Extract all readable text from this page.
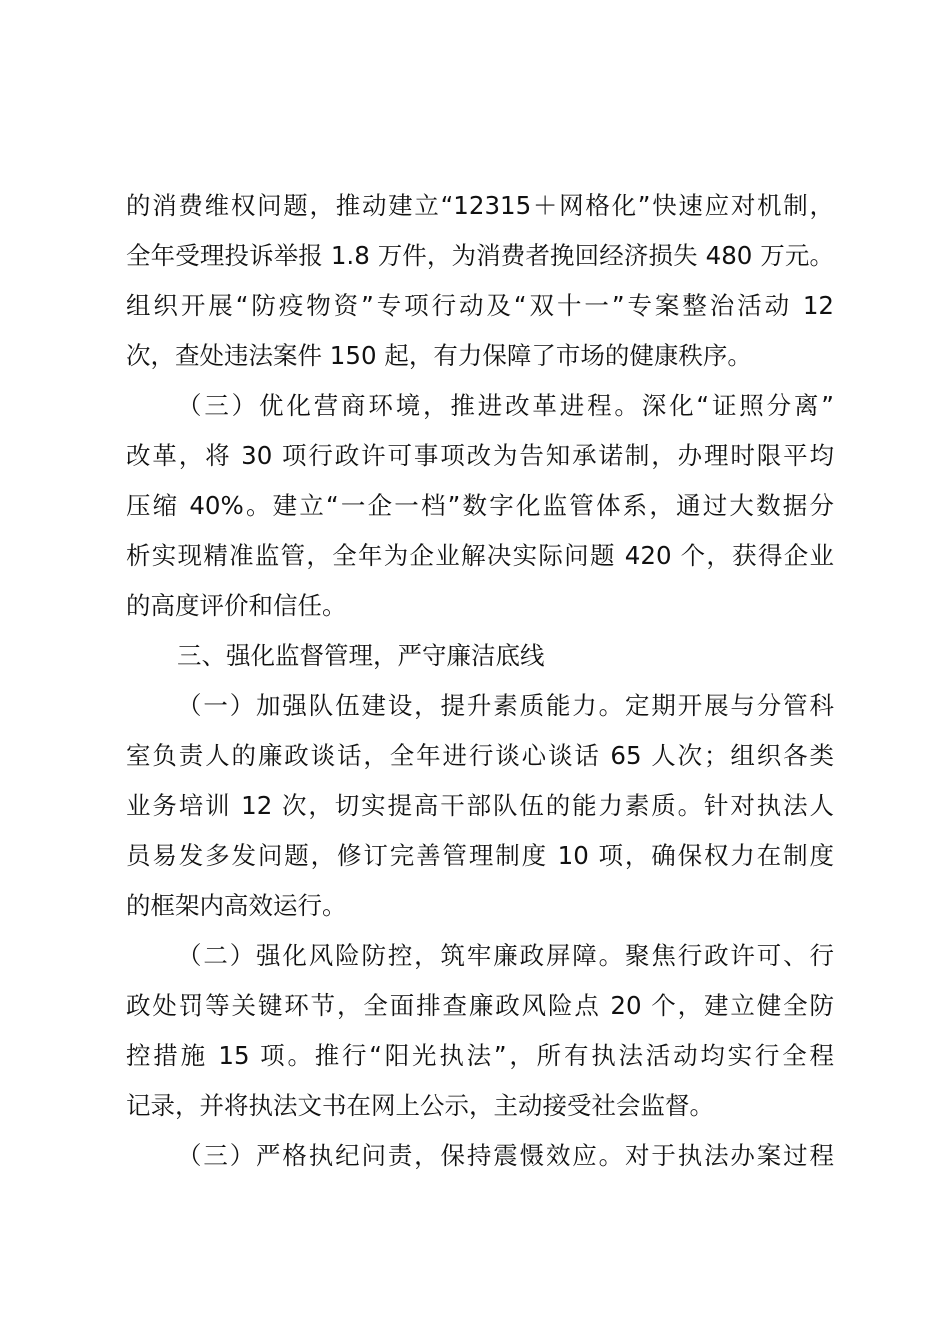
的消费维权问题，推动建立“12315＋网格化”快速应对机制，
全年受理投诉举报 1.8 万件，为消费者挽回经济损失 480 万元。
组织开展“防疫物资”专项行动及“双十一”专案整治活动 12
次，查处违法案件 150 起，有力保障了市场的健康秩序。
（三）优化营商环境，推进改革进程。深化“证照分离”
改革，将 30 项行政许可事项改为告知承诺制，办理时限平均
压缩 40%。建立“一企一档”数字化监管体系，通过大数据分
析实现精准监管，全年为企业解决实际问题 420 个，获得企业
的高度评价和信任。
三、强化监督管理，严守廉洁底线
（一）加强队伍建设，提升素质能力。定期开展与分管科
室负责人的廉政谈话，全年进行谈心谈话 65 人次；组织各类
业务培训 12 次，切实提高干部队伍的能力素质。针对执法人
员易发多发问题，修订完善管理制度 10 项，确保权力在制度
的框架内高效运行。
（二）强化风险防控，筑牢廉政屏障。聚焦行政许可、行
政处罚等关键环节，全面排查廉政风险点 20 个，建立健全防
控措施 15 项。推行“阳光执法”，所有执法活动均实行全程
记录，并将执法文书在网上公示，主动接受社会监督。
（三）严格执纪问责，保持震慑效应。对于执法办案过程
